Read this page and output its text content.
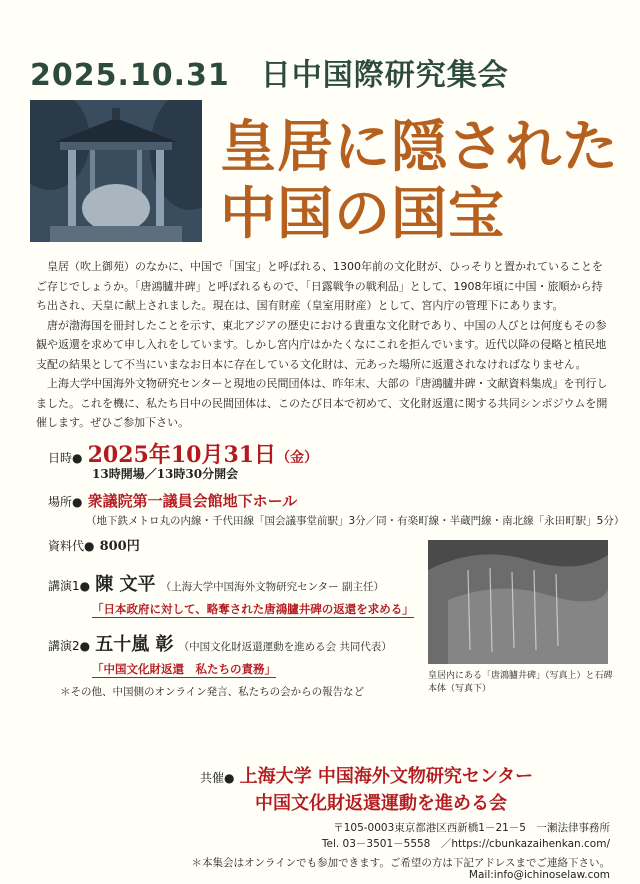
2025.10.31　日中国際研究集会
皇居に隠された
中国の国宝

皇居（吹上御苑）のなかに、中国で「国宝」と呼ばれる、1300年前の文化財が、ひっそりと置かれていることをご存じでしょうか。「唐鴻臚井碑」と呼ばれるもので、「日露戦争の戦利品」として、1908年頃に中国・旅順から持ち出され、天皇に献上されました。現在は、国有財産（皇室用財産）として、宮内庁の管理下にあります。

唐が渤海国を冊封したことを示す、東北アジアの歴史における貴重な文化財であり、中国の人びとは何度もその参観や返還を求めて申し入れをしています。しかし宮内庁はかたくなにこれを拒んでいます。近代以降の侵略と植民地支配の結果として不当にいまなお日本に存在している文化財は、元あった場所に返還されなければなりません。

上海大学中国海外文物研究センターと現地の民間団体は、昨年末、大部の『唐鴻臚井碑・文献資料集成』を刊行しました。これを機に、私たち日中の民間団体は、このたび日本で初めて、文化財返還に関する共同シンポジウムを開催します。ぜひご参加下さい。

日時● 2025年10月31日（金）
13時開場／13時30分開会
場所● 衆議院第一議員会館地下ホール
（地下鉄メトロ丸の内線・千代田線「国会議事堂前駅」3分／同・有楽町線・半蔵門線・南北線「永田町駅」5分）
資料代● 800円
講演1● 陳 文平 （上海大学中国海外文物研究センター 副主任）
「日本政府に対して、略奪された唐鴻臚井碑の返還を求める」
講演2● 五十嵐 彰 （中国文化財返還運動を進める会 共同代表）
「中国文化財返還　私たちの責務」
＊その他、中国側のオンライン発言、私たちの会からの報告など
皇居内にある「唐鴻臚井碑」（写真上）と石碑本体（写真下）
共催● 上海大学 中国海外文物研究センター
中国文化財返還運動を進める会
〒105-0003東京都港区西新橋1－21－5　一瀬法律事務所
Tel. 03－3501－5558　／https://cbunkazaihenkan.com/
＊本集会はオンラインでも参加できます。ご希望の方は下記アドレスまでご連絡下さい。
Mail:info@ichinoselaw.com
